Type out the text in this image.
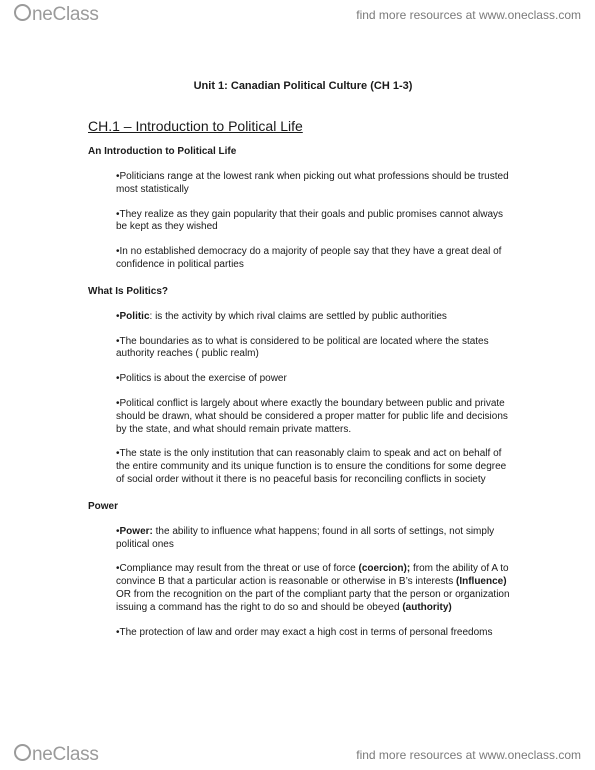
neClass	find more resources at www.oneclass.com
Unit 1: Canadian Political Culture (CH 1-3)
CH.1 – Introduction to Political Life
An Introduction to Political Life
•Politicians range at the lowest rank when picking out what professions should be trusted most statistically
•They realize as they gain popularity that their goals and public promises cannot always be kept as they wished
•In no established democracy do a majority of people say that they have a great deal of confidence in political parties
What Is Politics?
•Politic: is the activity by which rival claims are settled by public authorities
•The boundaries as to what is considered to be political are located where the states authority reaches ( public realm)
•Politics is about the exercise of power
•Political conflict is largely about where exactly the boundary between public and private should be drawn, what should be considered a proper matter for public life and decisions by the state, and what should remain private matters.
•The state is the only institution that can reasonably claim to speak and act on behalf of the entire community and its unique function is to ensure the conditions for some degree of social order without it there is no peaceful basis for reconciling conflicts in society
Power
•Power: the ability to influence what happens; found in all sorts of settings, not simply political ones
•Compliance may result from the threat or use of force (coercion); from the ability of A to convince B that a particular action is reasonable or otherwise in B’s interests (Influence) OR from the recognition on the part of the compliant party that the person or organization issuing a command has the right to do so and should be obeyed (authority)
•The protection of law and order may exact a high cost in terms of personal freedoms
neClass	find more resources at www.oneclass.com
